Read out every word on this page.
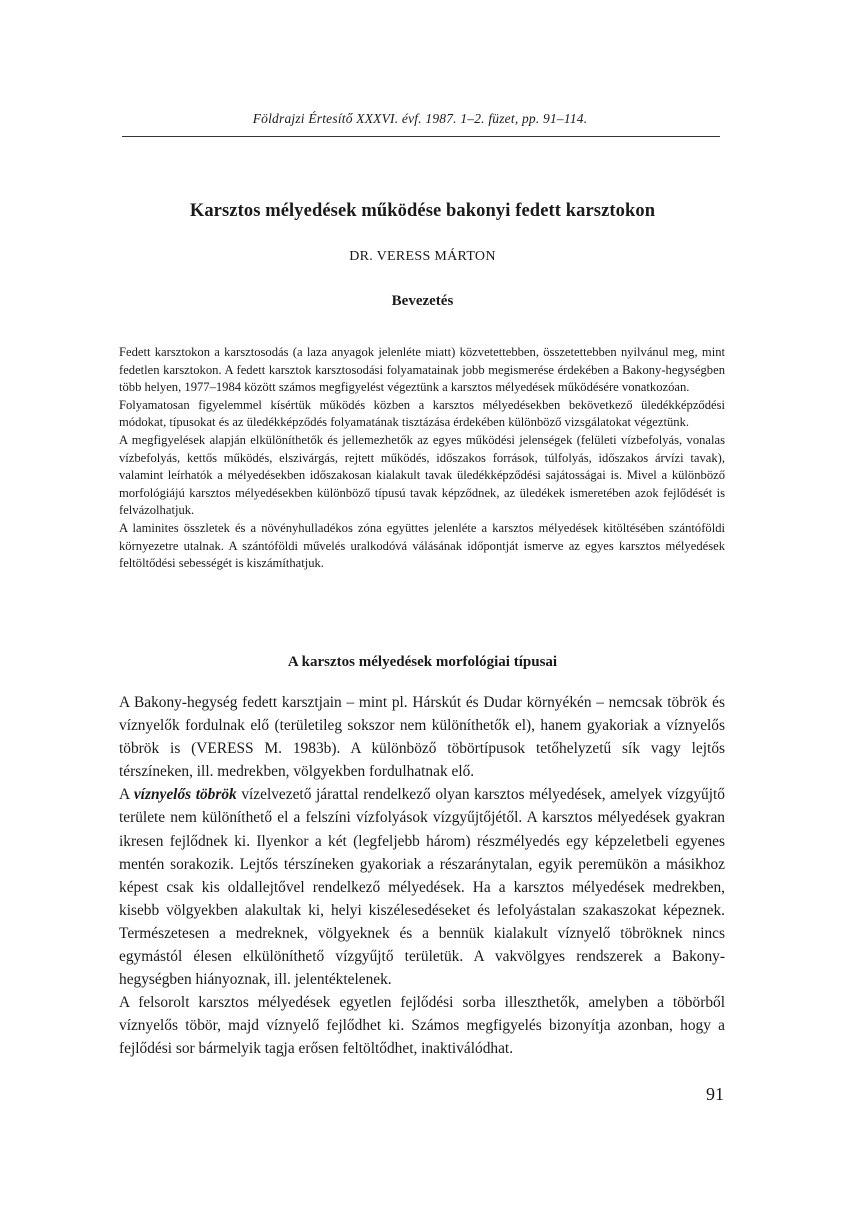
Földrajzi Értesítő XXXVI. évf. 1987. 1–2. füzet, pp. 91–114.
Karsztos mélyedések működése bakonyi fedett karsztokon
DR. VERESS MÁRTON
Bevezetés

Fedett karsztokon a karsztosodás (a laza anyagok jelenléte miatt) közvetettebben, összetettebben nyilvánul meg, mint fedetlen karsztokon. A fedett karsztok karsztosodási folyamatainak jobb megismerése érdekében a Bakony-hegységben több helyen, 1977–1984 között számos megfigyelést végeztünk a karsztos mélyedések működésére vonatkozóan.

Folyamatosan figyelemmel kísértük működés közben a karsztos mélyedésekben bekövetkező üledékképződési módokat, típusokat és az üledékképződés folyamatának tisztázása érdekében különböző vizsgálatokat végeztünk.

A megfigyelések alapján elkülöníthetők és jellemezhetők az egyes működési jelenségek (felületi vízbefolyás, vonalas vízbefolyás, kettős működés, elszivárgás, rejtett működés, időszakos források, túlfolyás, időszakos árvízi tavak), valamint leírhatók a mélyedésekben időszakosan kialakult tavak üledékképződési sajátosságai is. Mivel a különböző morfológiájú karsztos mélyedésekben különböző típusú tavak képződnek, az üledékek ismeretében azok fejlődését is felvázolhatjuk.

A laminites összletek és a növényhulladékos zóna együttes jelenléte a karsztos mélyedések kitöltésében szántóföldi környezetre utalnak. A szántóföldi művelés uralkodóvá válásának időpontját ismerve az egyes karsztos mélyedések feltöltődési sebességét is kiszámíthatjuk.

A karsztos mélyedések morfológiai típusai

A Bakony-hegység fedett karsztjain – mint pl. Hárskút és Dudar környékén – nemcsak töbrök és víznyelők fordulnak elő (területileg sokszor nem különíthetők el), hanem gyakoriak a víznyelős töbrök is (VERESS M. 1983b). A különböző töbörtípusok tetőhelyzetű sík vagy lejtős térszíneken, ill. medrekben, völgyekben fordulhatnak elő.

A víznyelős töbrök vízelvezető járattal rendelkező olyan karsztos mélyedések, amelyek vízgyűjtő területe nem különíthető el a felszíni vízfolyások vízgyűjtőjétől. A karsztos mélyedések gyakran ikresen fejlődnek ki. Ilyenkor a két (legfeljebb három) részmélyedés egy képzeletbeli egyenes mentén sorakozik. Lejtős térszíneken gyakoriak a részaránytalan, egyik peremükön a másikhoz képest csak kis oldallejtővel rendelkező mélyedések. Ha a karsztos mélyedések medrekben, kisebb völgyekben alakultak ki, helyi kiszélesedéseket és lefolyástalan szakaszokat képeznek. Természetesen a medreknek, völgyeknek és a bennük kialakult víznyelő töbröknek nincs egymástól élesen elkülöníthető vízgyűjtő területük. A vakvölgyes rendszerek a Bakony-hegységben hiányoznak, ill. jelentéktelenek.

A felsorolt karsztos mélyedések egyetlen fejlődési sorba illeszthetők, amelyben a töbörből víznyelős töbör, majd víznyelő fejlődhet ki. Számos megfigyelés bizonyítja azonban, hogy a fejlődési sor bármelyik tagja erősen feltöltődhet, inaktiválódhat.

91
